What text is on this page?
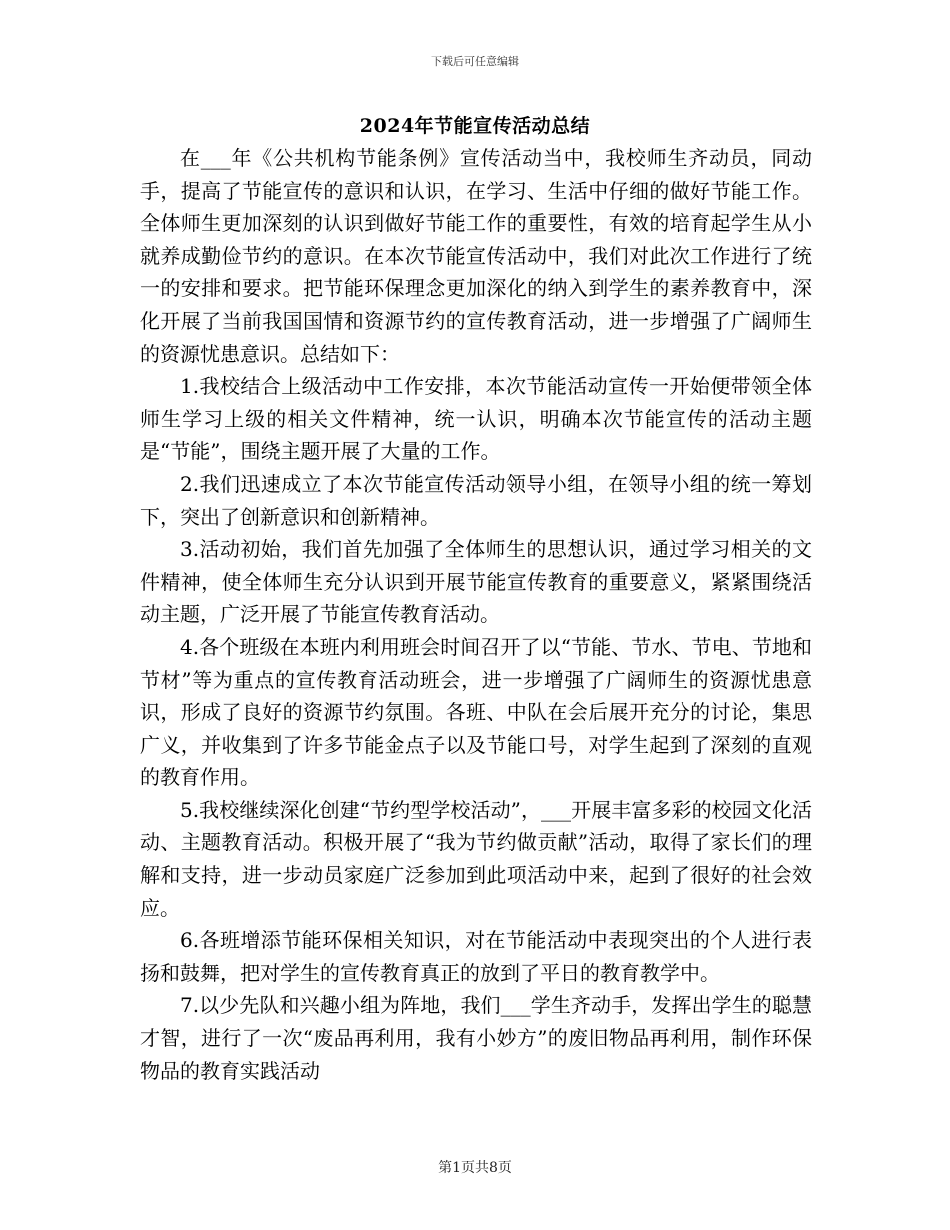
下载后可任意编辑
2024年节能宣传活动总结

在___年《公共机构节能条例》宣传活动当中，我校师生齐动员，同动手，提高了节能宣传的意识和认识，在学习、生活中仔细的做好节能工作。全体师生更加深刻的认识到做好节能工作的重要性，有效的培育起学生从小就养成勤俭节约的意识。在本次节能宣传活动中，我们对此次工作进行了统一的安排和要求。把节能环保理念更加深化的纳入到学生的素养教育中，深化开展了当前我国国情和资源节约的宣传教育活动，进一步增强了广阔师生的资源忧患意识。总结如下：

1.我校结合上级活动中工作安排，本次节能活动宣传一开始便带领全体师生学习上级的相关文件精神，统一认识，明确本次节能宣传的活动主题是“节能”，围绕主题开展了大量的工作。

2.我们迅速成立了本次节能宣传活动领导小组，在领导小组的统一筹划下，突出了创新意识和创新精神。

3.活动初始，我们首先加强了全体师生的思想认识，通过学习相关的文件精神，使全体师生充分认识到开展节能宣传教育的重要意义，紧紧围绕活动主题，广泛开展了节能宣传教育活动。

4.各个班级在本班内利用班会时间召开了以“节能、节水、节电、节地和节材”等为重点的宣传教育活动班会，进一步增强了广阔师生的资源忧患意识，形成了良好的资源节约氛围。各班、中队在会后展开充分的讨论，集思广义，并收集到了许多节能金点子以及节能口号，对学生起到了深刻的直观的教育作用。

5.我校继续深化创建“节约型学校活动”，___开展丰富多彩的校园文化活动、主题教育活动。积极开展了“我为节约做贡献”活动，取得了家长们的理解和支持，进一步动员家庭广泛参加到此项活动中来，起到了很好的社会效应。

6.各班增添节能环保相关知识，对在节能活动中表现突出的个人进行表扬和鼓舞，把对学生的宣传教育真正的放到了平日的教育教学中。

7.以少先队和兴趣小组为阵地，我们___学生齐动手，发挥出学生的聪慧才智，进行了一次“废品再利用，我有小妙方”的废旧物品再利用，制作环保物品的教育实践活动

第1页共8页
